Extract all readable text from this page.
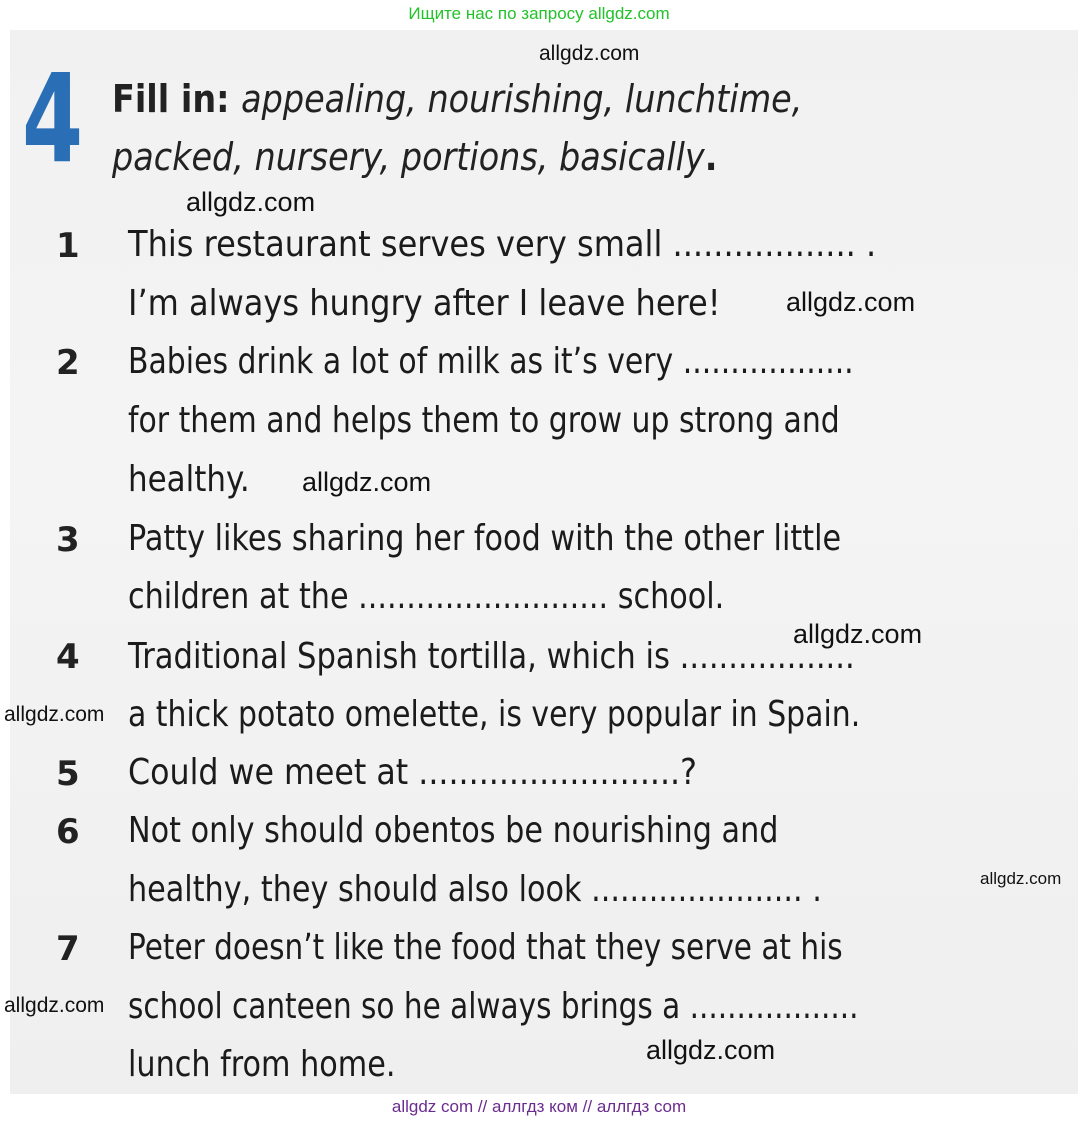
Ищите нас по запросу allgdz.com
4 Fill in: appealing, nourishing, lunchtime,
packed, nursery, portions, basically.
1 This restaurant serves very small .................. .
I’m always hungry after I leave here!
2 Babies drink a lot of milk as it’s very ..................
for them and helps them to grow up strong and
healthy.
3 Patty likes sharing her food with the other little
children at the .......................... school.
4 Traditional Spanish tortilla, which is ..................
a thick potato omelette, is very popular in Spain.
5 Could we meet at ..........................?
6 Not only should obentos be nourishing and
healthy, they should also look ...................... .
7 Peter doesn’t like the food that they serve at his
school canteen so he always brings a ..................
lunch from home.
allgdz.com
allgdz.com
allgdz.com
allgdz.com
allgdz.com
allgdz.com
allgdz.com
allgdz.com
allgdz.com
allgdz com // аллгдз ком // аллгдз com
